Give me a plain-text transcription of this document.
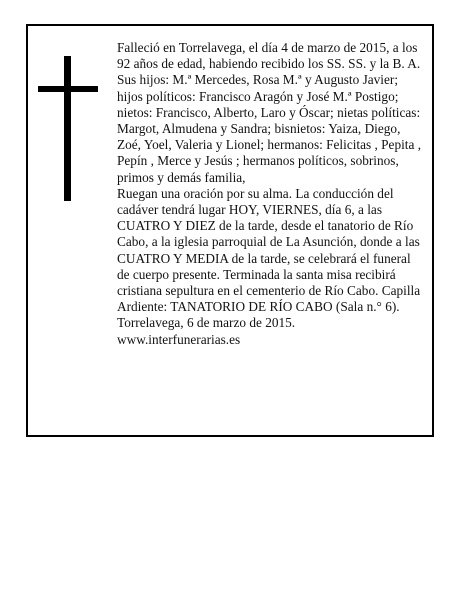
Falleció en Torrelavega, el día 4 de marzo de 2015, a los 92 años de edad, habiendo recibido los SS. SS. y la B. A.

Sus hijos: M.ª Mercedes, Rosa M.ª y Augusto Javier; hijos políticos: Francisco Aragón y José M.ª Postigo; nietos: Francisco, Alberto, Laro y Óscar; nietas políticas: Margot, Almudena y Sandra; bisnietos: Yaiza, Diego, Zoé, Yoel, Valeria y Lionel; hermanos: Felicitas , Pepita , Pepín , Merce y Jesús ; hermanos políticos, sobrinos, primos y demás familia,

Ruegan una oración por su alma. La conducción del cadáver tendrá lugar HOY, VIERNES, día 6, a las CUATRO Y DIEZ de la tarde, desde el tanatorio de Río Cabo, a la iglesia parroquial de La Asunción, donde a las CUATRO Y MEDIA de la tarde, se celebrará el funeral de cuerpo presente. Terminada la santa misa recibirá cristiana sepultura en el cementerio de Río Cabo. Capilla Ardiente: TANATORIO DE RÍO CABO (Sala n.° 6).

Torrelavega, 6 de marzo de 2015.

www.interfunerarias.es
